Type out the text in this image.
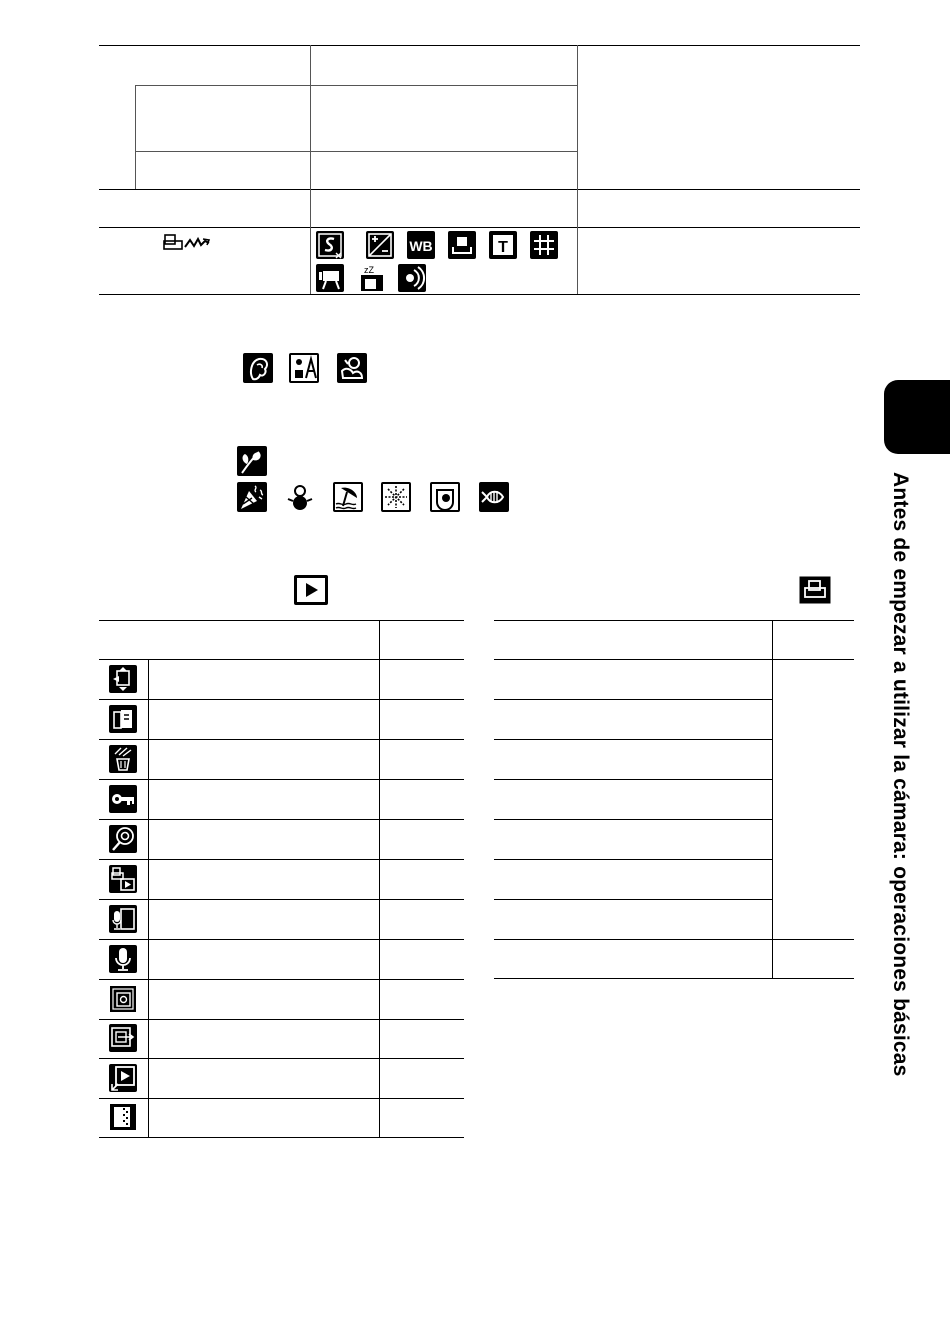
WB	T
zZ
Antes de empezar a utilizar la cámara: operaciones básicas
